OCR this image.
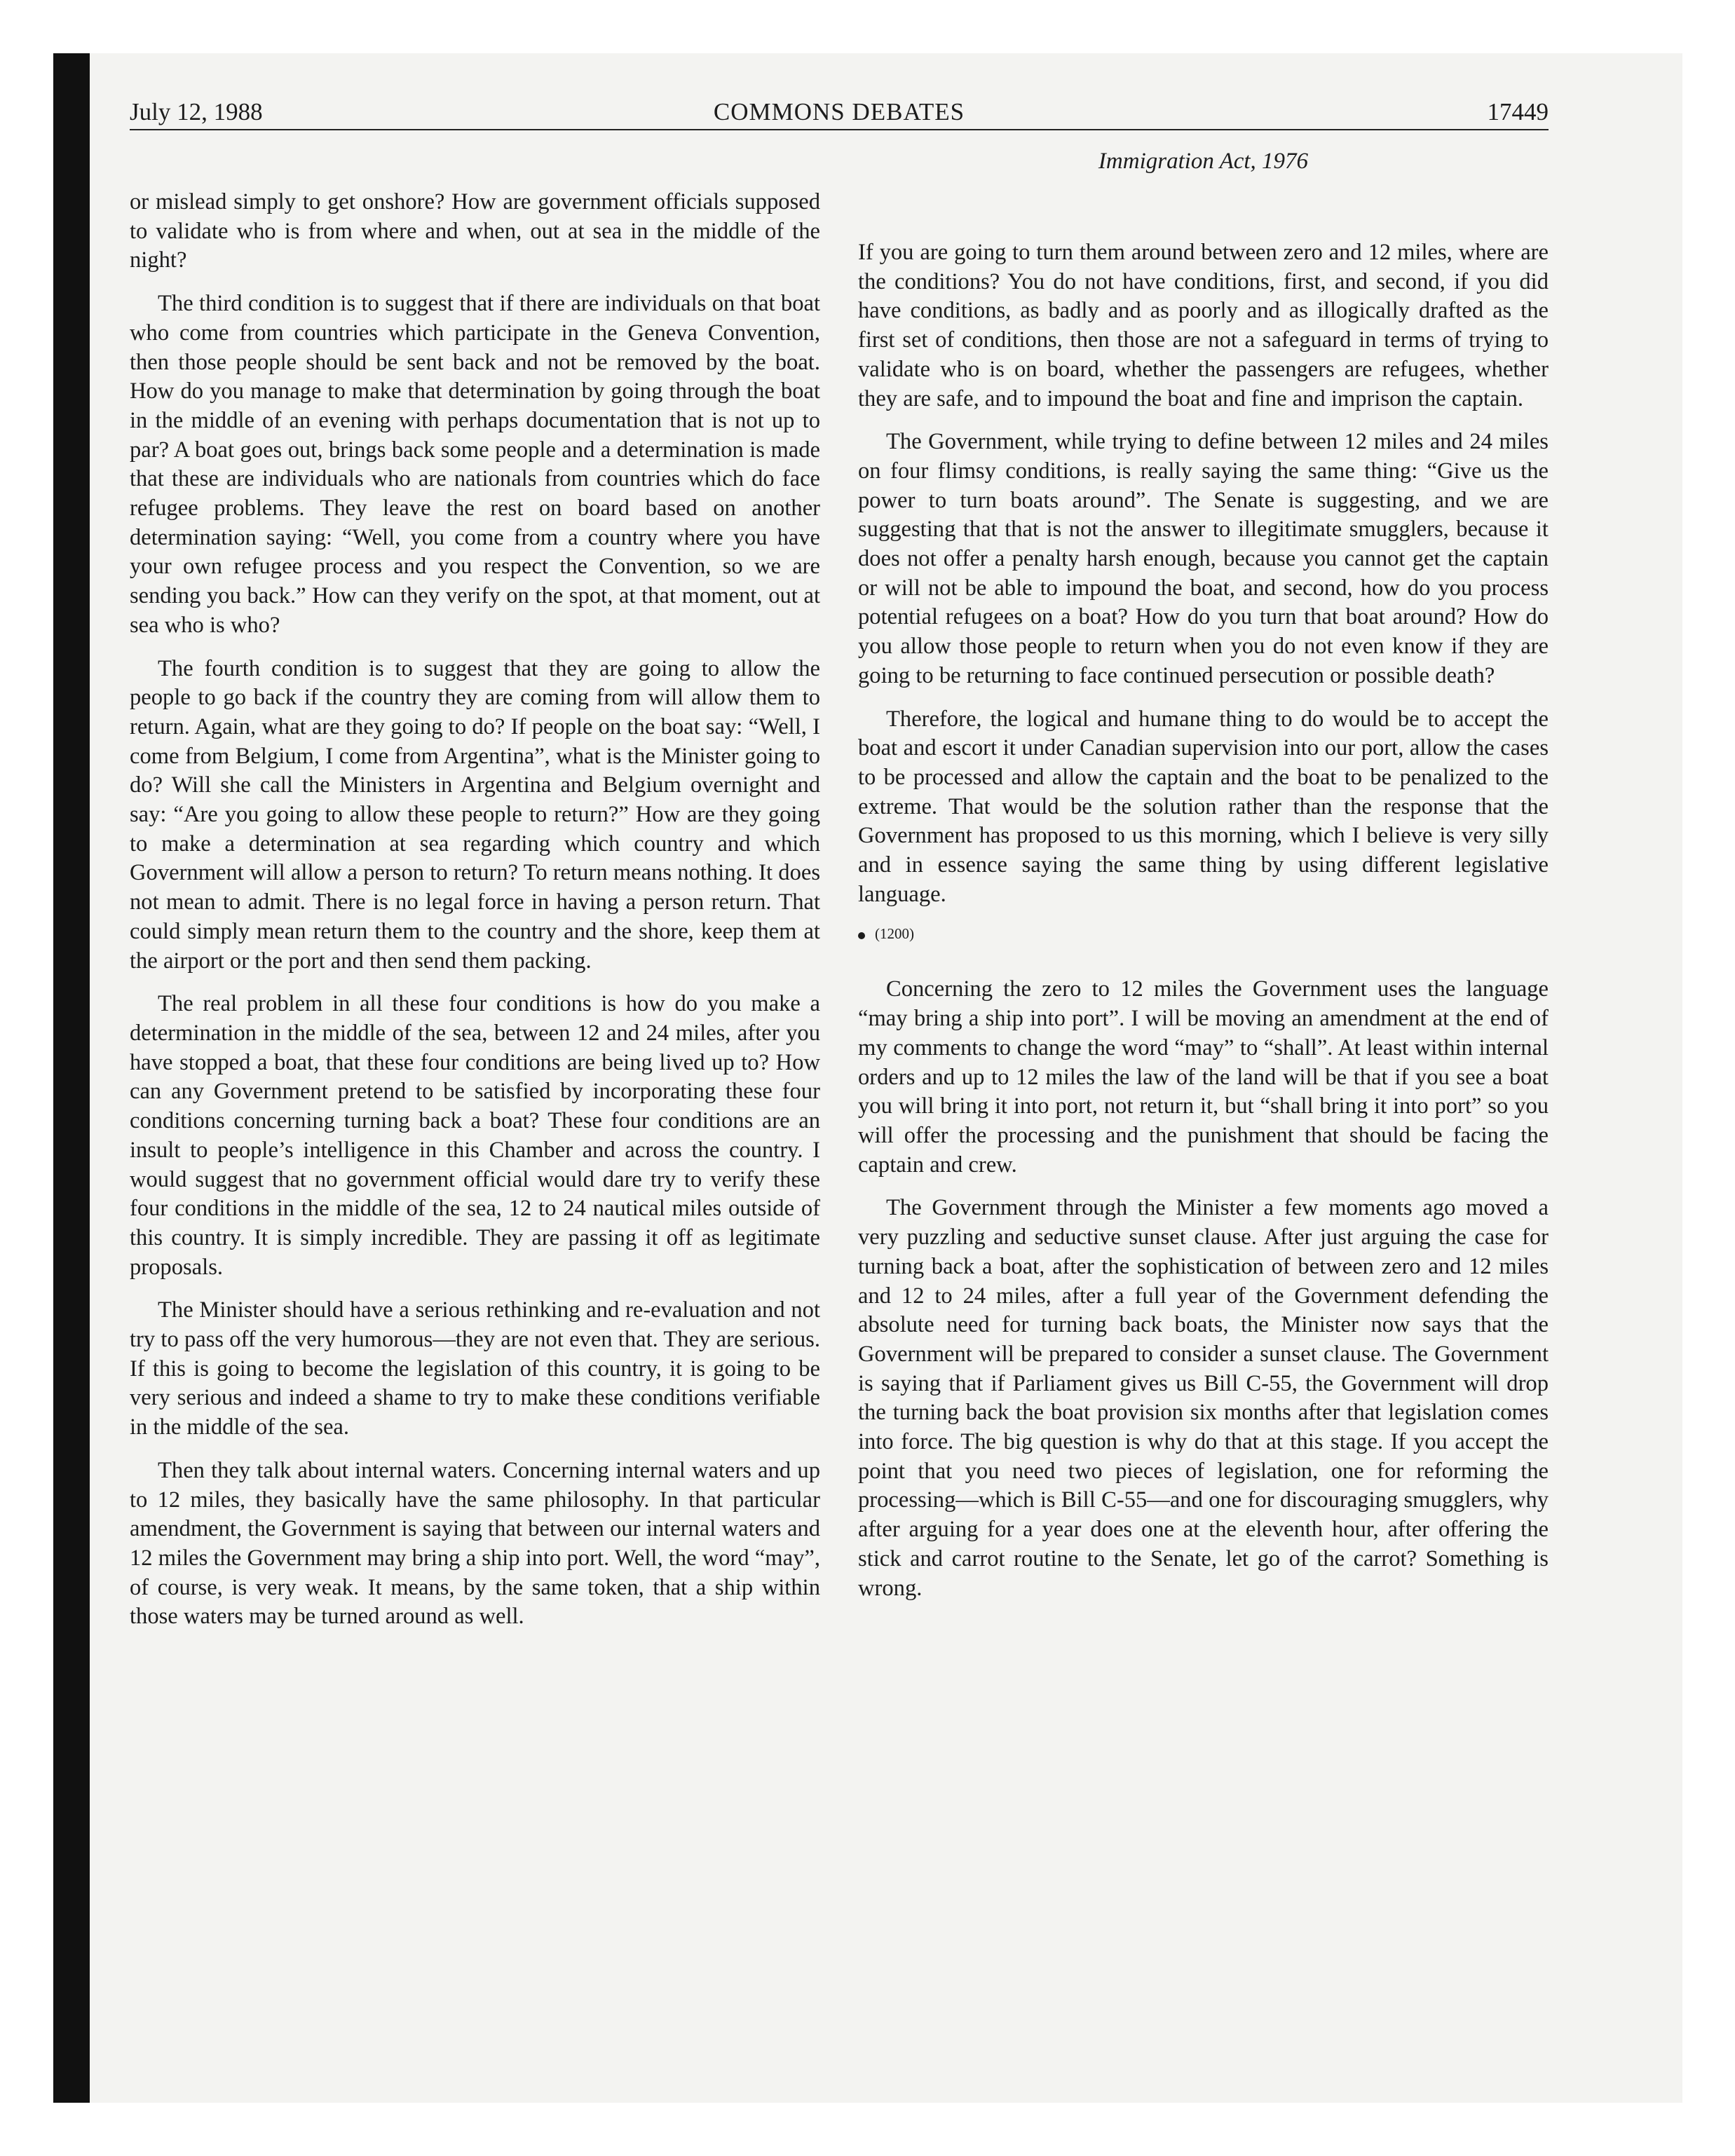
July 12, 1988	COMMONS DEBATES	17449
Immigration Act, 1976

or mislead simply to get onshore? How are government officials supposed to validate who is from where and when, out at sea in the middle of the night?

The third condition is to suggest that if there are individuals on that boat who come from countries which participate in the Geneva Convention, then those people should be sent back and not be removed by the boat. How do you manage to make that determination by going through the boat in the middle of an evening with perhaps documentation that is not up to par? A boat goes out, brings back some people and a determination is made that these are individuals who are nationals from countries which do face refugee problems. They leave the rest on board based on another determination saying: “Well, you come from a country where you have your own refugee process and you respect the Convention, so we are sending you back.” How can they verify on the spot, at that moment, out at sea who is who?

The fourth condition is to suggest that they are going to allow the people to go back if the country they are coming from will allow them to return. Again, what are they going to do? If people on the boat say: “Well, I come from Belgium, I come from Argentina”, what is the Minister going to do? Will she call the Ministers in Argentina and Belgium overnight and say: “Are you going to allow these people to return?” How are they going to make a determination at sea regarding which country and which Government will allow a person to return? To return means nothing. It does not mean to admit. There is no legal force in having a person return. That could simply mean return them to the country and the shore, keep them at the airport or the port and then send them packing.

The real problem in all these four conditions is how do you make a determination in the middle of the sea, between 12 and 24 miles, after you have stopped a boat, that these four conditions are being lived up to? How can any Government pretend to be satisfied by incorporating these four conditions concerning turning back a boat? These four conditions are an insult to people’s intelligence in this Chamber and across the country. I would suggest that no government official would dare try to verify these four conditions in the middle of the sea, 12 to 24 nautical miles outside of this country. It is simply incredible. They are passing it off as legitimate proposals.

The Minister should have a serious rethinking and re-evaluation and not try to pass off the very humorous—they are not even that. They are serious. If this is going to become the legislation of this country, it is going to be very serious and indeed a shame to try to make these conditions verifiable in the middle of the sea.

Then they talk about internal waters. Concerning internal waters and up to 12 miles, they basically have the same philosophy. In that particular amendment, the Government is saying that between our internal waters and 12 miles the Government may bring a ship into port. Well, the word “may”, of course, is very weak. It means, by the same token, that a ship within those waters may be turned around as well.

If you are going to turn them around between zero and 12 miles, where are the conditions? You do not have conditions, first, and second, if you did have conditions, as badly and as poorly and as illogically drafted as the first set of conditions, then those are not a safeguard in terms of trying to validate who is on board, whether the passengers are refugees, whether they are safe, and to impound the boat and fine and imprison the captain.

The Government, while trying to define between 12 miles and 24 miles on four flimsy conditions, is really saying the same thing: “Give us the power to turn boats around”. The Senate is suggesting, and we are suggesting that that is not the answer to illegitimate smugglers, because it does not offer a penalty harsh enough, because you cannot get the captain or will not be able to impound the boat, and second, how do you process potential refugees on a boat? How do you turn that boat around? How do you allow those people to return when you do not even know if they are going to be returning to face continued persecution or possible death?

Therefore, the logical and humane thing to do would be to accept the boat and escort it under Canadian supervision into our port, allow the cases to be processed and allow the captain and the boat to be penalized to the extreme. That would be the solution rather than the response that the Government has proposed to us this morning, which I believe is very silly and in essence saying the same thing by using different legislative language.

(1200)

Concerning the zero to 12 miles the Government uses the language “may bring a ship into port”. I will be moving an amendment at the end of my comments to change the word “may” to “shall”. At least within internal orders and up to 12 miles the law of the land will be that if you see a boat you will bring it into port, not return it, but “shall bring it into port” so you will offer the processing and the punishment that should be facing the captain and crew.

The Government through the Minister a few moments ago moved a very puzzling and seductive sunset clause. After just arguing the case for turning back a boat, after the sophistication of between zero and 12 miles and 12 to 24 miles, after a full year of the Government defending the absolute need for turning back boats, the Minister now says that the Government will be prepared to consider a sunset clause. The Government is saying that if Parliament gives us Bill C-55, the Government will drop the turning back the boat provision six months after that legislation comes into force. The big question is why do that at this stage. If you accept the point that you need two pieces of legislation, one for reforming the processing—which is Bill C-55—and one for discouraging smugglers, why after arguing for a year does one at the eleventh hour, after offering the stick and carrot routine to the Senate, let go of the carrot? Something is wrong.
